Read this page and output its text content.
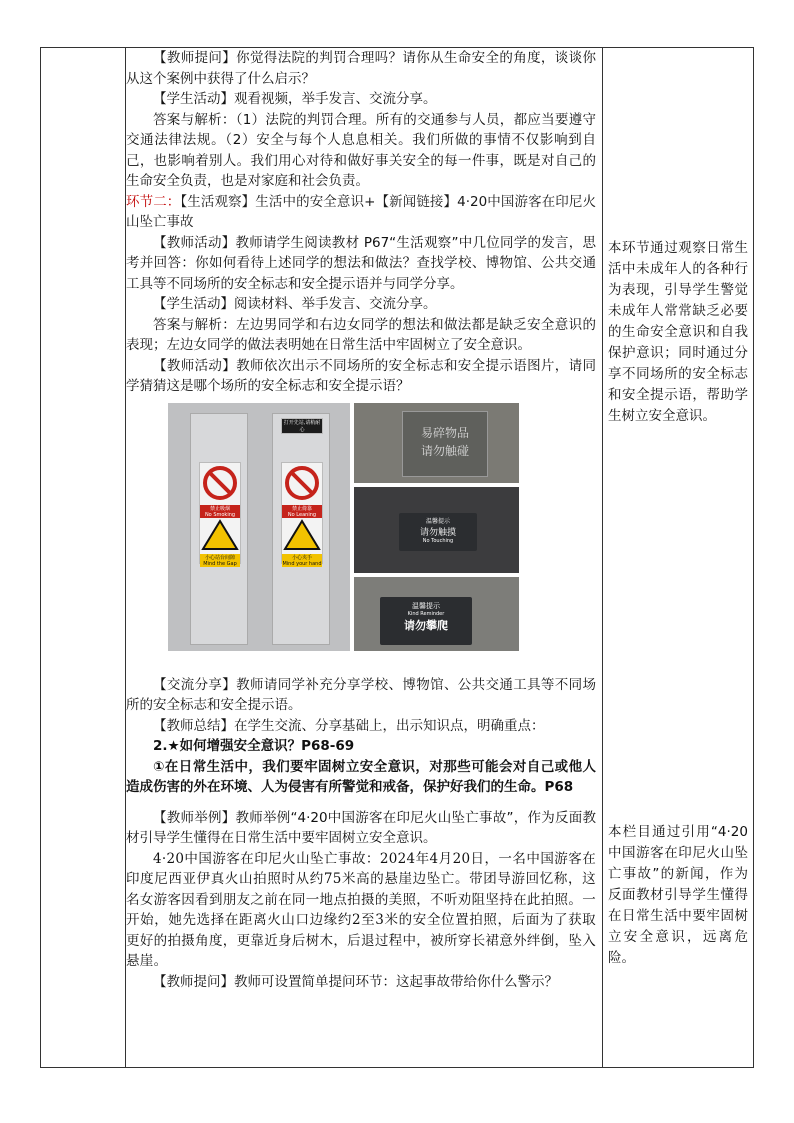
【教师提问】你觉得法院的判罚合理吗？请你从生命安全的角度，谈谈你从这个案例中获得了什么启示？

【学生活动】观看视频，举手发言、交流分享。

答案与解析：（1）法院的判罚合理。所有的交通参与人员，都应当要遵守交通法律法规。（2）安全与每个人息息相关。我们所做的事情不仅影响到自己，也影响着别人。我们用心对待和做好事关安全的每一件事，既是对自己的生命安全负责，也是对家庭和社会负责。

环节二：【生活观察】生活中的安全意识+【新闻链接】4·20中国游客在印尼火山坠亡事故

【教师活动】教师请学生阅读教材 P67“生活观察”中几位同学的发言，思考并回答：你如何看待上述同学的想法和做法？查找学校、博物馆、公共交通工具等不同场所的安全标志和安全提示语并与同学分享。

【学生活动】阅读材料、举手发言、交流分享。

答案与解析：左边男同学和右边女同学的想法和做法都是缺乏安全意识的表现；左边女同学的做法表明她在日常生活中牢固树立了安全意识。

【教师活动】教师依次出示不同场所的安全标志和安全提示语图片，请同学猜猜这是哪个场所的安全标志和安全提示语？

禁止吸烟
No Smoking
小心站台间隙
Mind the Gap
打开先站,请稍耐心
禁止倚靠
No Leaning
小心夹手
Mind your hand
易碎物品
请勿触碰
温馨提示
请勿触摸
No Touching
温馨提示
Kind Reminder
请勿攀爬

【交流分享】教师请同学补充分享学校、博物馆、公共交通工具等不同场所的安全标志和安全提示语。

【教师总结】在学生交流、分享基础上，出示知识点，明确重点：

2.★如何增强安全意识？P68-69

①在日常生活中，我们要牢固树立安全意识，对那些可能会对自己或他人造成伤害的外在环境、人为侵害有所警觉和戒备，保护好我们的生命。P68

【教师举例】教师举例“4·20中国游客在印尼火山坠亡事故”，作为反面教材引导学生懂得在日常生活中要牢固树立安全意识。

4·20中国游客在印尼火山坠亡事故：2024年4月20日，一名中国游客在印度尼西亚伊真火山拍照时从约75米高的悬崖边坠亡。带团导游回忆称，这名女游客因看到朋友之前在同一地点拍摄的美照，不听劝阻坚持在此拍照。一开始，她先选择在距离火山口边缘约2至3米的安全位置拍照，后面为了获取更好的拍摄角度，更靠近身后树木，后退过程中，被所穿长裙意外绊倒，坠入悬崖。

【教师提问】教师可设置简单提问环节：这起事故带给你什么警示？

本环节通过观察日常生活中未成年人的各种行为表现，引导学生警觉未成年人常常缺乏必要的生命安全意识和自我保护意识；同时通过分享不同场所的安全标志和安全提示语，帮助学生树立安全意识。
本栏目通过引用“4·20中国游客在印尼火山坠亡事故”的新闻，作为反面教材引导学生懂得在日常生活中要牢固树立安全意识，远离危险。
